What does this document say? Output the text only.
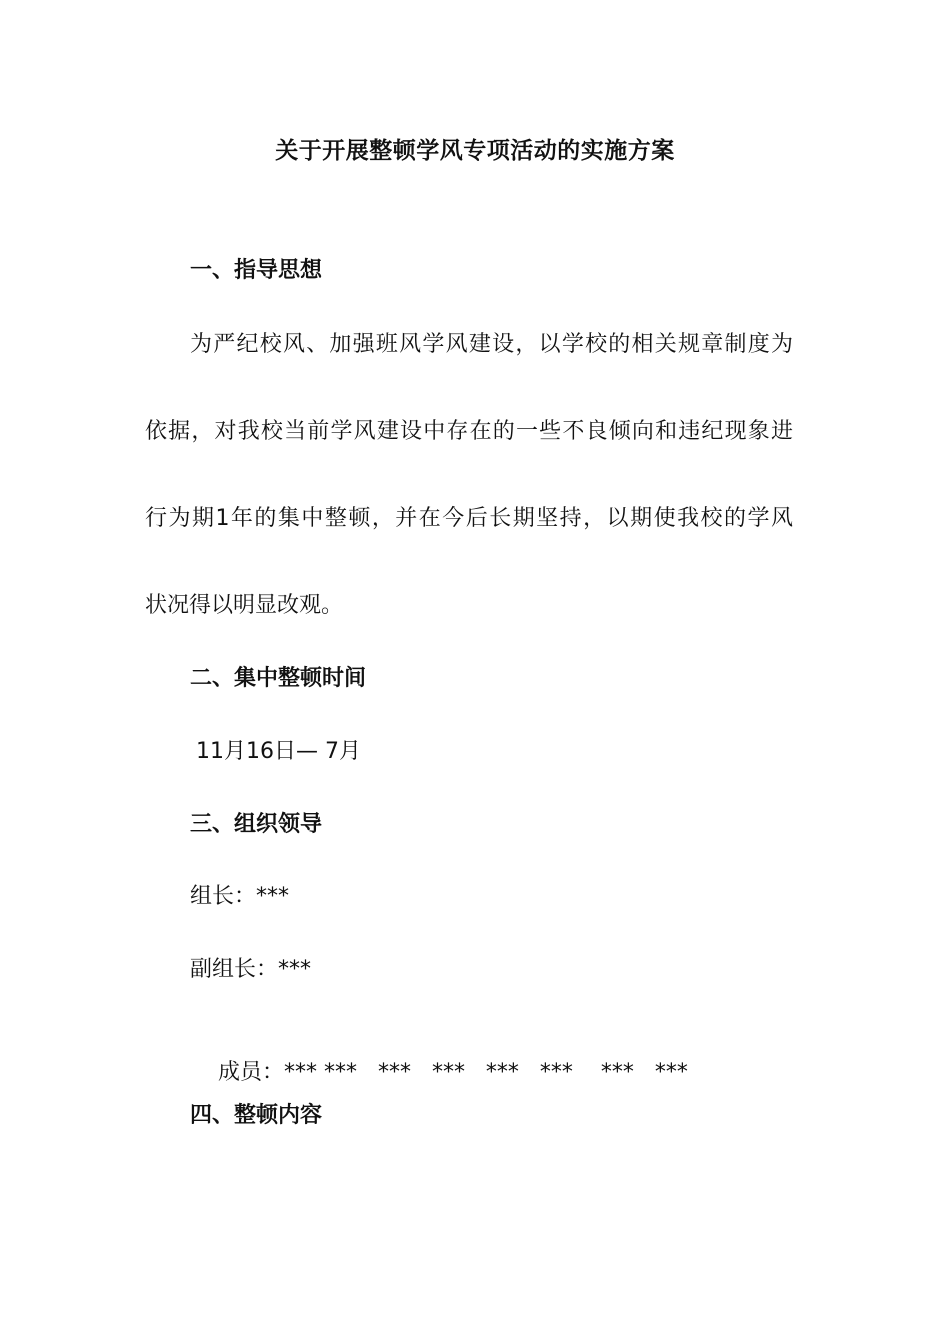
关于开展整顿学风专项活动的实施方案
一、指导思想
为严纪校风、加强班风学风建设，以学校的相关规章制度为
依据，对我校当前学风建设中存在的一些不良倾向和违纪现象进
行为期1年的集中整顿，并在今后长期坚持，以期使我校的学风
状况得以明显改观。
二、集中整顿时间
11月16日— 7月
三、组织领导
组长：***
副组长：***

成员：*** ***   ***   ***   ***   ***    ***   ***

四、整顿内容
